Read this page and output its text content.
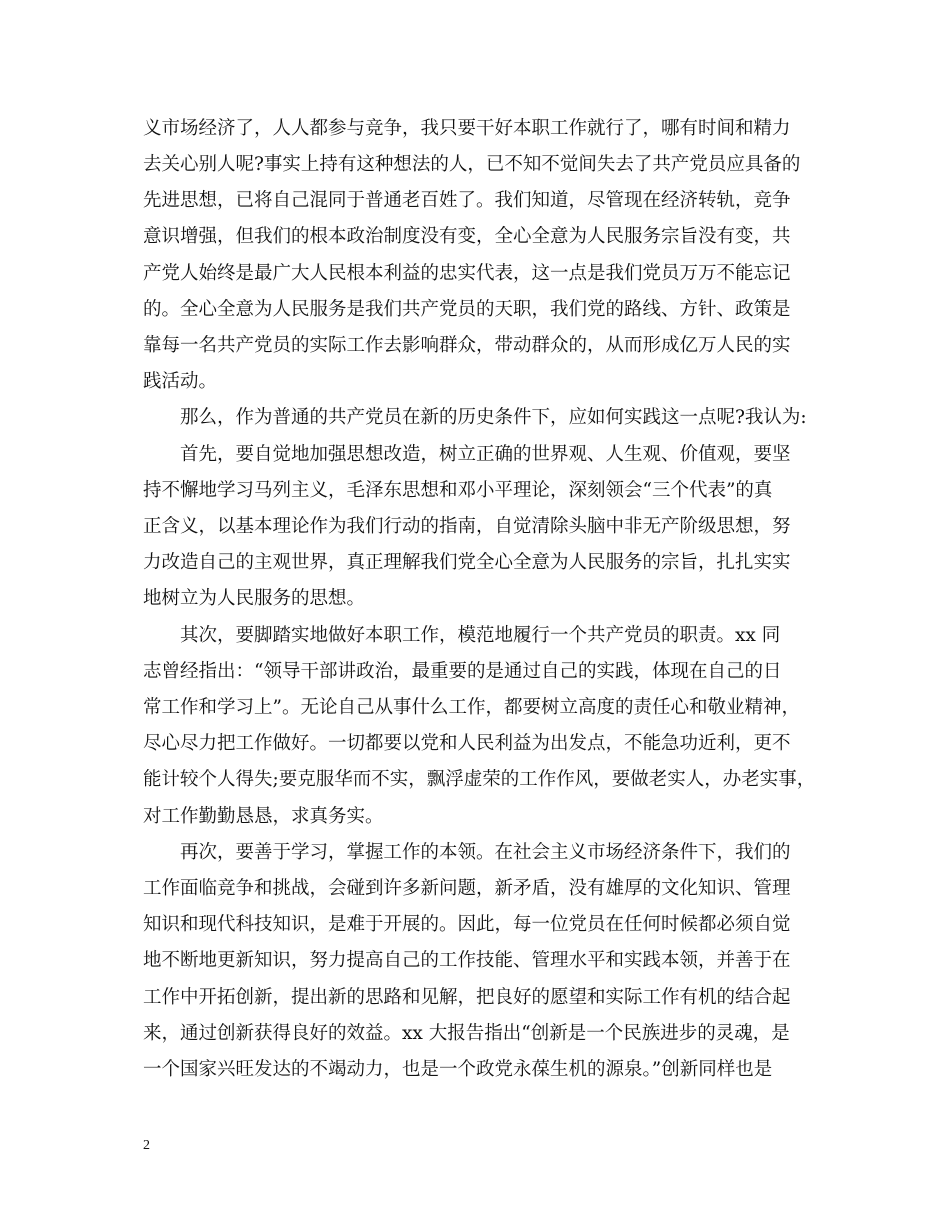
义市场经济了，人人都参与竞争，我只要干好本职工作就行了，哪有时间和精力
去关心别人呢?事实上持有这种想法的人，已不知不觉间失去了共产党员应具备的
先进思想，已将自己混同于普通老百姓了。我们知道，尽管现在经济转轨，竞争
意识增强，但我们的根本政治制度没有变，全心全意为人民服务宗旨没有变，共
产党人始终是最广大人民根本利益的忠实代表，这一点是我们党员万万不能忘记
的。全心全意为人民服务是我们共产党员的天职，我们党的路线、方针、政策是
靠每一名共产党员的实际工作去影响群众，带动群众的，从而形成亿万人民的实
践活动。
　　那么，作为普通的共产党员在新的历史条件下，应如何实践这一点呢?我认为:
　　首先，要自觉地加强思想改造，树立正确的世界观、人生观、价值观，要坚
持不懈地学习马列主义，毛泽东思想和邓小平理论，深刻领会“三个代表”的真
正含义，以基本理论作为我们行动的指南，自觉清除头脑中非无产阶级思想，努
力改造自己的主观世界，真正理解我们党全心全意为人民服务的宗旨，扎扎实实
地树立为人民服务的思想。
　　其次，要脚踏实地做好本职工作，模范地履行一个共产党员的职责。xx 同
志曾经指出：“领导干部讲政治，最重要的是通过自己的实践，体现在自己的日
常工作和学习上”。无论自己从事什么工作，都要树立高度的责任心和敬业精神，
尽心尽力把工作做好。一切都要以党和人民利益为出发点，不能急功近利，更不
能计较个人得失;要克服华而不实，飘浮虚荣的工作作风，要做老实人，办老实事，
对工作勤勤恳恳，求真务实。
　　再次，要善于学习，掌握工作的本领。在社会主义市场经济条件下，我们的
工作面临竞争和挑战，会碰到许多新问题，新矛盾，没有雄厚的文化知识、管理
知识和现代科技知识，是难于开展的。因此，每一位党员在任何时候都必须自觉
地不断地更新知识，努力提高自己的工作技能、管理水平和实践本领，并善于在
工作中开拓创新，提出新的思路和见解，把良好的愿望和实际工作有机的结合起
来，通过创新获得良好的效益。xx 大报告指出“创新是一个民族进步的灵魂，是
一个国家兴旺发达的不竭动力，也是一个政党永葆生机的源泉。”创新同样也是
2
